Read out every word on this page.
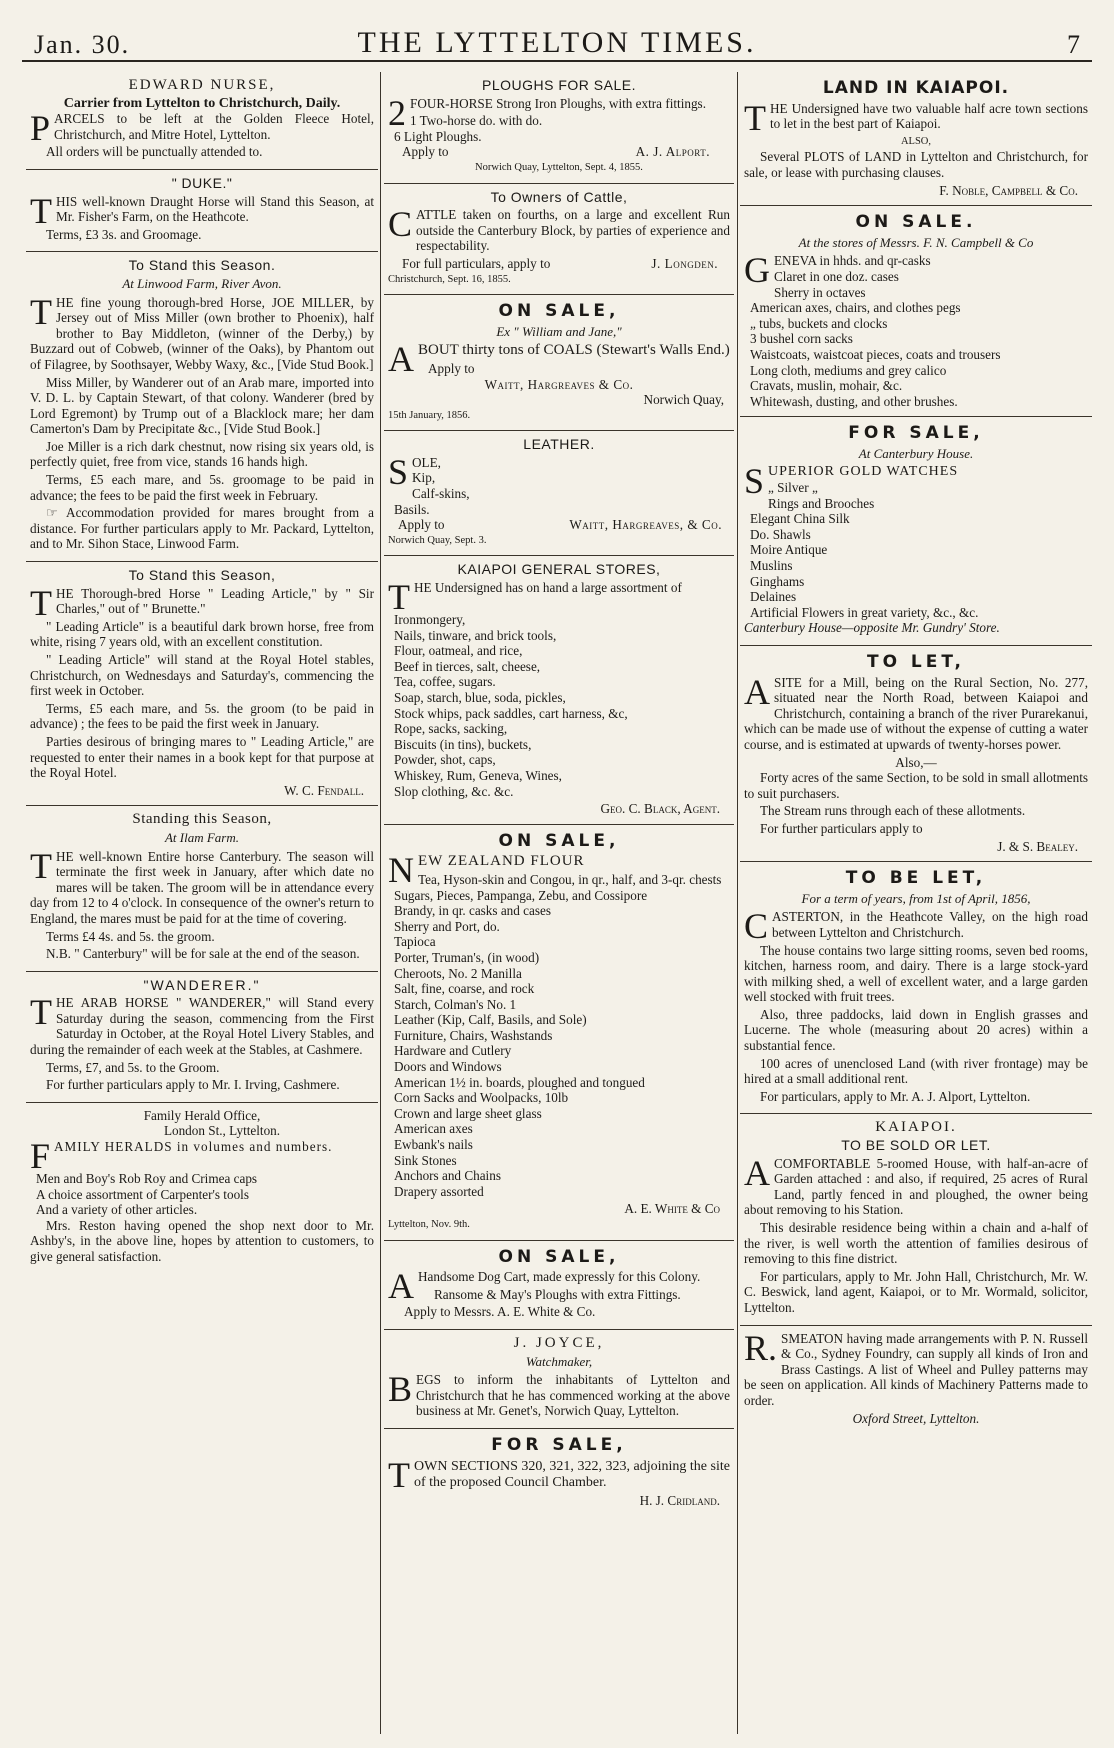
Jan. 30.	THE LYTTELTON TIMES.	7
EDWARD NURSE,
Carrier from Lyttelton to Christchurch, Daily.

PARCELS to be left at the Golden Fleece Hotel, Christchurch, and Mitre Hotel, Lyttelton.

All orders will be punctually attended to.

" DUKE."

THIS well-known Draught Horse will Stand this Season, at Mr. Fisher's Farm, on the Heathcote.

Terms, £3 3s. and Groomage.

To Stand this Season.
At Linwood Farm, River Avon.

THE fine young thorough-bred Horse, JOE MILLER, by Jersey out of Miss Miller (own brother to Phoenix), half brother to Bay Middleton, (winner of the Derby,) by Buzzard out of Cobweb, (winner of the Oaks), by Phantom out of Filagree, by Soothsayer, Webby Waxy, &c., [Vide Stud Book.]

Miss Miller, by Wanderer out of an Arab mare, imported into V. D. L. by Captain Stewart, of that colony. Wanderer (bred by Lord Egremont) by Trump out of a Blacklock mare; her dam Camerton's Dam by Precipitate &c., [Vide Stud Book.]

Joe Miller is a rich dark chestnut, now rising six years old, is perfectly quiet, free from vice, stands 16 hands high.

Terms, £5 each mare, and 5s. groomage to be paid in advance; the fees to be paid the first week in February.

☞ Accommodation provided for mares brought from a distance. For further particulars apply to Mr. Packard, Lyttelton, and to Mr. Sihon Stace, Linwood Farm.

To Stand this Season,

THE Thorough-bred Horse " Leading Article," by " Sir Charles," out of " Brunette."

" Leading Article" is a beautiful dark brown horse, free from white, rising 7 years old, with an excellent constitution.

" Leading Article" will stand at the Royal Hotel stables, Christchurch, on Wednesdays and Saturday's, commencing the first week in October.

Terms, £5 each mare, and 5s. the groom (to be paid in advance) ; the fees to be paid the first week in January.

Parties desirous of bringing mares to " Leading Article," are requested to enter their names in a book kept for that purpose at the Royal Hotel.

W. C. Fendall.
Standing this Season,
At Ilam Farm.

THE well-known Entire horse Canterbury. The season will terminate the first week in January, after which date no mares will be taken. The groom will be in attendance every day from 12 to 4 o'clock. In consequence of the owner's return to England, the mares must be paid for at the time of covering.

Terms £4 4s. and 5s. the groom.

N.B. " Canterbury" will be for sale at the end of the season.

"WANDERER."

THE ARAB HORSE " WANDERER," will Stand every Saturday during the season, commencing from the First Saturday in October, at the Royal Hotel Livery Stables, and during the remainder of each week at the Stables, at Cashmere.

Terms, £7, and 5s. to the Groom.

For further particulars apply to Mr. I. Irving, Cashmere.

Family Herald Office,
London St., Lyttelton.

FAMILY HERALDS in volumes and numbers.

Men and Boy's Rob Roy and Crimea caps
A choice assortment of Carpenter's tools
And a variety of other articles.

Mrs. Reston having opened the shop next door to Mr. Ashby's, in the above line, hopes by attention to customers, to give general satisfaction.

PLOUGHS FOR SALE.

2 FOUR-HORSE Strong Iron Ploughs, with extra fittings.

1 Two-horse do. with do.
6 Light Ploughs.
Apply to	A. J. Alport.
Norwich Quay, Lyttelton, Sept. 4, 1855.
To Owners of Cattle,

CATTLE taken on fourths, on a large and excellent Run outside the Canterbury Block, by parties of experience and respectability.

For full particulars, apply to	J. Longden.
Christchurch, Sept. 16, 1855.
ON SALE,
Ex " William and Jane,"

ABOUT thirty tons of COALS (Stewart's Walls End.)

Apply to
Waitt, Hargreaves & Co.
Norwich Quay,
15th January, 1856.
LEATHER.
S OLE,
Kip,
Calf-skins,
Basils.
Apply to	Waitt, Hargreaves, & Co.
Norwich Quay, Sept. 3.
KAIAPOI GENERAL STORES,

THE Undersigned has on hand a large assortment of

Ironmongery,
Nails, tinware, and brick tools,
Flour, oatmeal, and rice,
Beef in tierces, salt, cheese,
Tea, coffee, sugars.
Soap, starch, blue, soda, pickles,
Stock whips, pack saddles, cart harness, &c,
Rope, sacks, sacking,
Biscuits (in tins), buckets,
Powder, shot, caps,
Whiskey, Rum, Geneva, Wines,
Slop clothing, &c. &c.
Geo. C. Black, Agent.
ON SALE,

NEW ZEALAND FLOUR

Tea, Hyson-skin and Congou, in qr., half, and 3-qr. chests
Sugars, Pieces, Pampanga, Zebu, and Cossipore
Brandy, in qr. casks and cases
Sherry and Port, do.
Tapioca
Porter, Truman's, (in wood)
Cheroots, No. 2 Manilla
Salt, fine, coarse, and rock
Starch, Colman's No. 1
Leather (Kip, Calf, Basils, and Sole)
Furniture, Chairs, Washstands
Hardware and Cutlery
Doors and Windows
American 1½ in. boards, ploughed and tongued
Corn Sacks and Woolpacks, 10lb
Crown and large sheet glass
American axes
Ewbank's nails
Sink Stones
Anchors and Chains
Drapery assorted
A. E. White & Co
Lyttelton, Nov. 9th.
ON SALE,

A Handsome Dog Cart, made expressly for this Colony.

Ransome & May's Ploughs with extra Fittings.

Apply to Messrs. A. E. White & Co.

J. JOYCE,
Watchmaker,

BEGS to inform the inhabitants of Lyttelton and Christchurch that he has commenced working at the above business at Mr. Genet's, Norwich Quay, Lyttelton.

FOR SALE,

TOWN SECTIONS 320, 321, 322, 323, adjoining the site of the proposed Council Chamber.

H. J. Cridland.
LAND IN KAIAPOI.

THE Undersigned have two valuable half acre town sections to let in the best part of Kaiapoi.

ALSO,

Several PLOTS of LAND in Lyttelton and Christchurch, for sale, or lease with purchasing clauses.

F. Noble, Campbell & Co.
ON SALE.
At the stores of Messrs. F. N. Campbell & Co
G ENEVA in hhds. and qr-casks
Claret in one doz. cases
Sherry in octaves
American axes, chairs, and clothes pegs
„ tubs, buckets and clocks
3 bushel corn sacks
Waistcoats, waistcoat pieces, coats and trousers
Long cloth, mediums and grey calico
Cravats, muslin, mohair, &c.
Whitewash, dusting, and other brushes.
FOR SALE,
At Canterbury House.
S UPERIOR GOLD WATCHES
„ Silver „
Rings and Brooches
Elegant China Silk
Do. Shawls
Moire Antique
Muslins
Ginghams
Delaines
Artificial Flowers in great variety, &c., &c.

Canterbury House—opposite Mr. Gundry' Store.

TO LET,

ASITE for a Mill, being on the Rural Section, No. 277, situated near the North Road, between Kaiapoi and Christchurch, containing a branch of the river Purarekanui, which can be made use of without the expense of cutting a water course, and is estimated at upwards of twenty-horses power.

Also,—

Forty acres of the same Section, to be sold in small allotments to suit purchasers.

The Stream runs through each of these allotments.

For further particulars apply to

J. & S. Bealey.
TO BE LET,
For a term of years, from 1st of April, 1856,

CASTERTON, in the Heathcote Valley, on the high road between Lyttelton and Christchurch.

The house contains two large sitting rooms, seven bed rooms, kitchen, harness room, and dairy. There is a large stock-yard with milking shed, a well of excellent water, and a large garden well stocked with fruit trees.

Also, three paddocks, laid down in English grasses and Lucerne. The whole (measuring about 20 acres) within a substantial fence.

100 acres of unenclosed Land (with river frontage) may be hired at a small additional rent.

For particulars, apply to Mr. A. J. Alport, Lyttelton.

KAIAPOI.
TO BE SOLD OR LET.

ACOMFORTABLE 5-roomed House, with half-an-acre of Garden attached : and also, if required, 25 acres of Rural Land, partly fenced in and ploughed, the owner being about removing to his Station.

This desirable residence being within a chain and a-half of the river, is well worth the attention of families desirous of removing to this fine district.

For particulars, apply to Mr. John Hall, Christchurch, Mr. W. C. Beswick, land agent, Kaiapoi, or to Mr. Wormald, solicitor, Lyttelton.

R. SMEATON having made arrangements with P. N. Russell & Co., Sydney Foundry, can supply all kinds of Iron and Brass Castings. A list of Wheel and Pulley patterns may be seen on application. All kinds of Machinery Patterns made to order.

Oxford Street, Lyttelton.
